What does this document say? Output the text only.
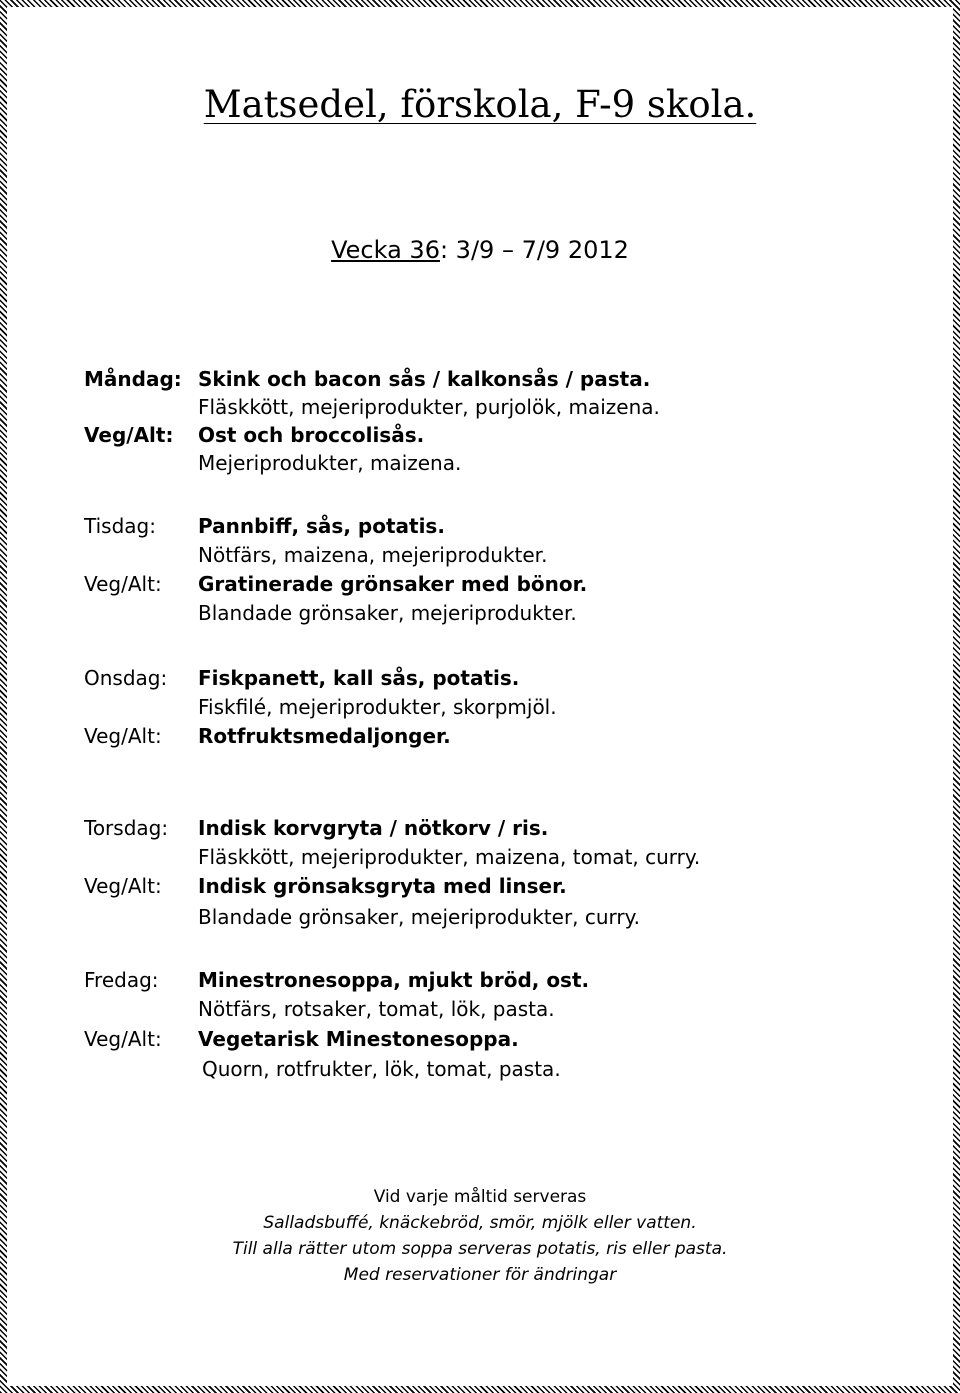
Matsedel, förskola, F-9 skola.
Vecka 36: 3/9 – 7/9 2012
Måndag: Skink och bacon sås / kalkonsås / pasta.
Fläskkött, mejeriprodukter, purjolök, maizena.
Veg/Alt: Ost och broccolisås.
Mejeriprodukter, maizena.
Tisdag: Pannbiff, sås, potatis.
Nötfärs, maizena, mejeriprodukter.
Veg/Alt: Gratinerade grönsaker med bönor.
Blandade grönsaker, mejeriprodukter.
Onsdag: Fiskpanett, kall sås, potatis.
Fiskfilé, mejeriprodukter, skorpmjöl.
Veg/Alt: Rotfruktsmedaljonger.
Torsdag: Indisk korvgryta / nötkorv / ris.
Fläskkött, mejeriprodukter, maizena, tomat, curry.
Veg/Alt: Indisk grönsaksgryta med linser.
Blandade grönsaker, mejeriprodukter, curry.
Fredag: Minestronesoppa, mjukt bröd, ost.
Nötfärs, rotsaker, tomat, lök, pasta.
Veg/Alt: Vegetarisk Minestonesoppa.
Quorn, rotfrukter, lök, tomat, pasta.
Vid varje måltid serveras
Salladsbuffé, knäckebröd, smör, mjölk eller vatten.
Till alla rätter utom soppa serveras potatis, ris eller pasta.
Med reservationer för ändringar
